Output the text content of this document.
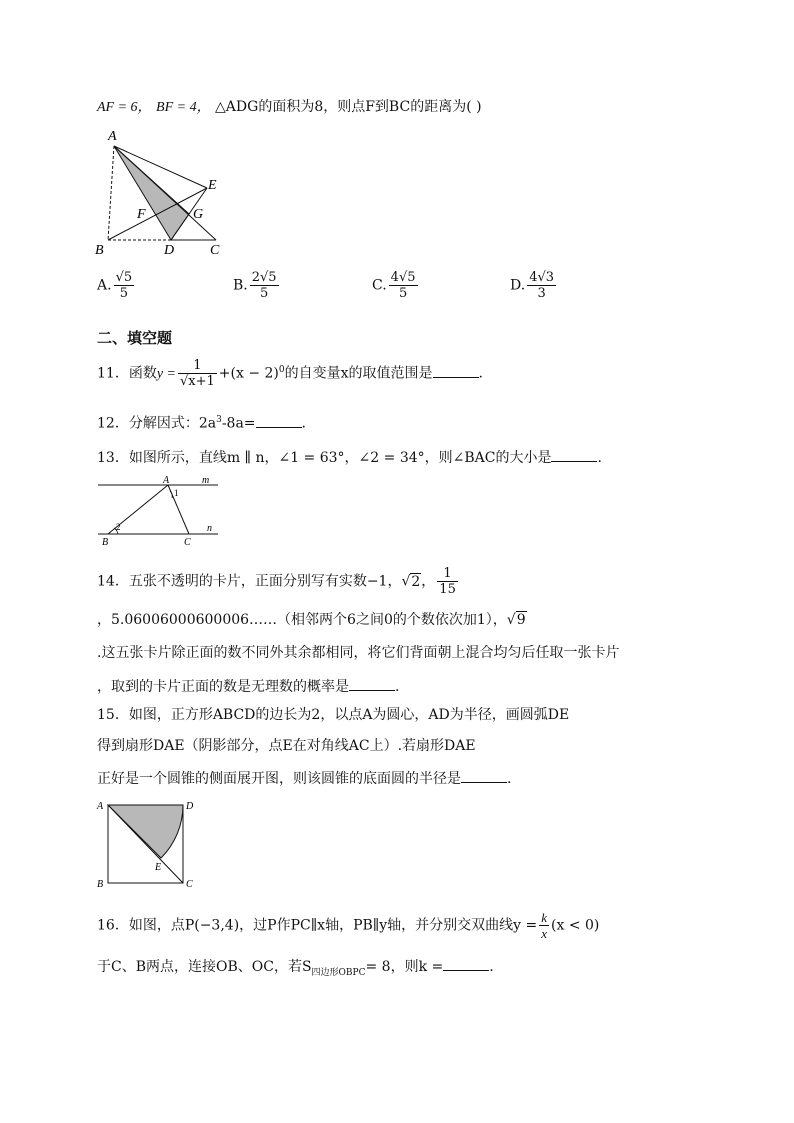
AF = 6， BF = 4， △ADG的面积为8，则点F到BC的距离为( )
A
B	D	C
E
F	G
A. $\frac{√5}{5}$	B. $\frac{2√5}{5}$	C. $\frac{4√5}{5}$	D. $\frac{4√3}{3}$
二、填空题
11．函数$y = \frac{1}{√x+1} +(x - 2)^0$的自变量x的取值范围是	.
12．分解因式：$2a^3-8a=$	.
13．如图所示，直线m ∥ n，∠1 = 63°，∠2 = 34°，则∠BAC的大小是	.
A	m
1
2	n
B	C
14．五张不透明的卡片，正面分别写有实数−1，√2， $\frac{1}{15}$
，5.06006000600006……（相邻两个6之间0的个数依次加1），√9
.这五张卡片除正面的数不同外其余都相同，将它们背面朝上混合均匀后任取一张卡片
，取到的卡片正面的数是无理数的概率是	.
15．如图，正方形ABCD的边长为2，以点A为圆心，AD为半径，画圆弧DE
得到扇形DAE（阴影部分，点E在对角线AC上）.若扇形DAE
正好是一个圆锥的侧面展开图，则该圆锥的底面圆的半径是	.
A	D
B	C
E
16．如图，点P(−3,4)，过P作PC∥x轴，PB∥y轴，并分别交双曲线$y = \frac{k}{x} (x < 0)$
于C、B两点，连接OB、OC，若$S_{四边形OBPC}= 8$，则k =	.
